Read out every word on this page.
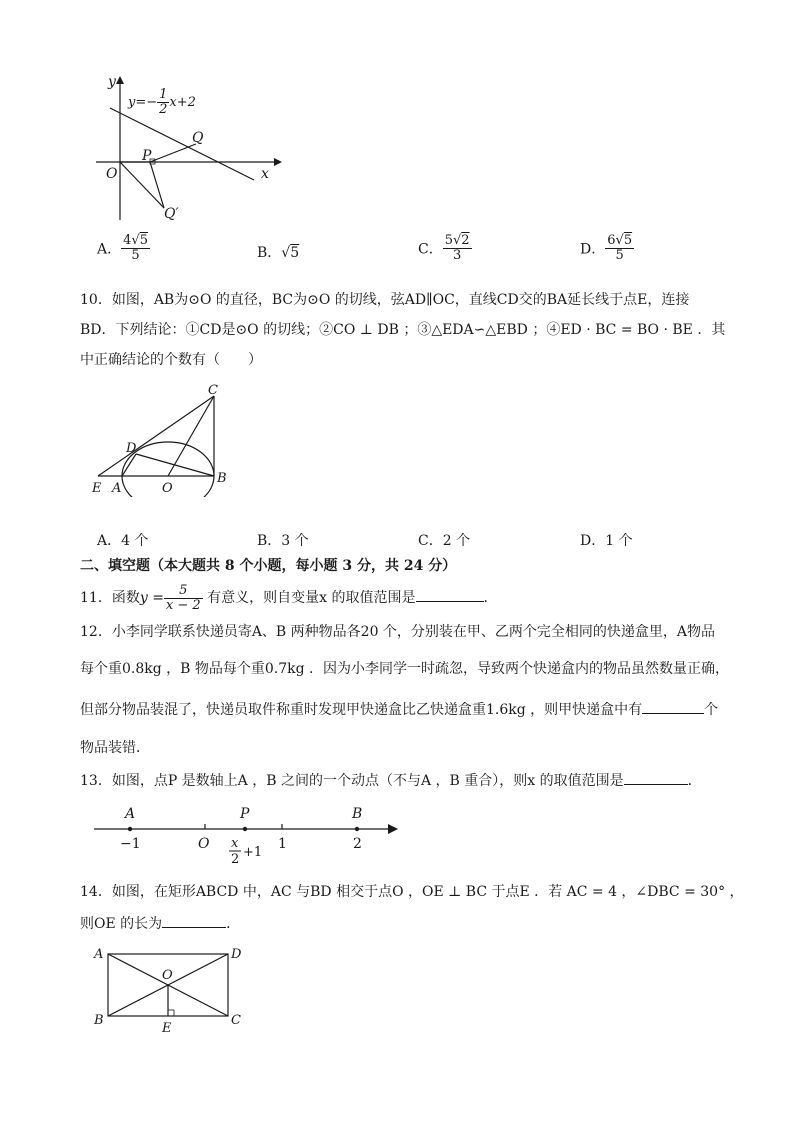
y
x
O
P
Q
Q′
$y=- \frac{1}{2} x+2$
A． $\frac{4√5}{5}$	B．√5	C． $\frac{5√2}{3}$	D． $\frac{6√5}{5}$
10．如图，AB为⊙O 的直径，BC为⊙O 的切线，弦AD∥OC，直线CD交的BA延长线于点E，连接
BD．下列结论：①CD是⊙O 的切线；②CO ⊥ DB ；③△EDA∽△EBD ；④ED · BC = BO · BE ．其
中正确结论的个数有（　　）
C
D
E A	O
B
A．4 个	B．3 个	C．2 个	D．1 个
二、填空题（本大题共 8 个小题，每小题 3 分，共 24 分）
11．函数$y = \frac{5}{x - 2}$ 有意义，则自变量x 的取值范围是	．
12．小李同学联系快递员寄A、B 两种物品各20 个，分别装在甲、乙两个完全相同的快递盒里，A物品
每个重0.8kg ，B 物品每个重0.7kg ．因为小李同学一时疏忽，导致两个快递盒内的物品虽然数量正确，
但部分物品装混了，快递员取件称重时发现甲快递盒比乙快递盒重1.6kg ，则甲快递盒中有	个
物品装错．
13．如图，点P 是数轴上A ，B 之间的一个动点（不与A ，B 重合），则x 的取值范围是	．
A	P	B
−1	O	1	2
x
2 +1
14．如图，在矩形ABCD 中，AC 与BD 相交于点O ，OE ⊥ BC 于点E ．若 AC = 4 ，∠DBC = 30° ，
则OE 的长为	．
A	D
O
B
E
C
